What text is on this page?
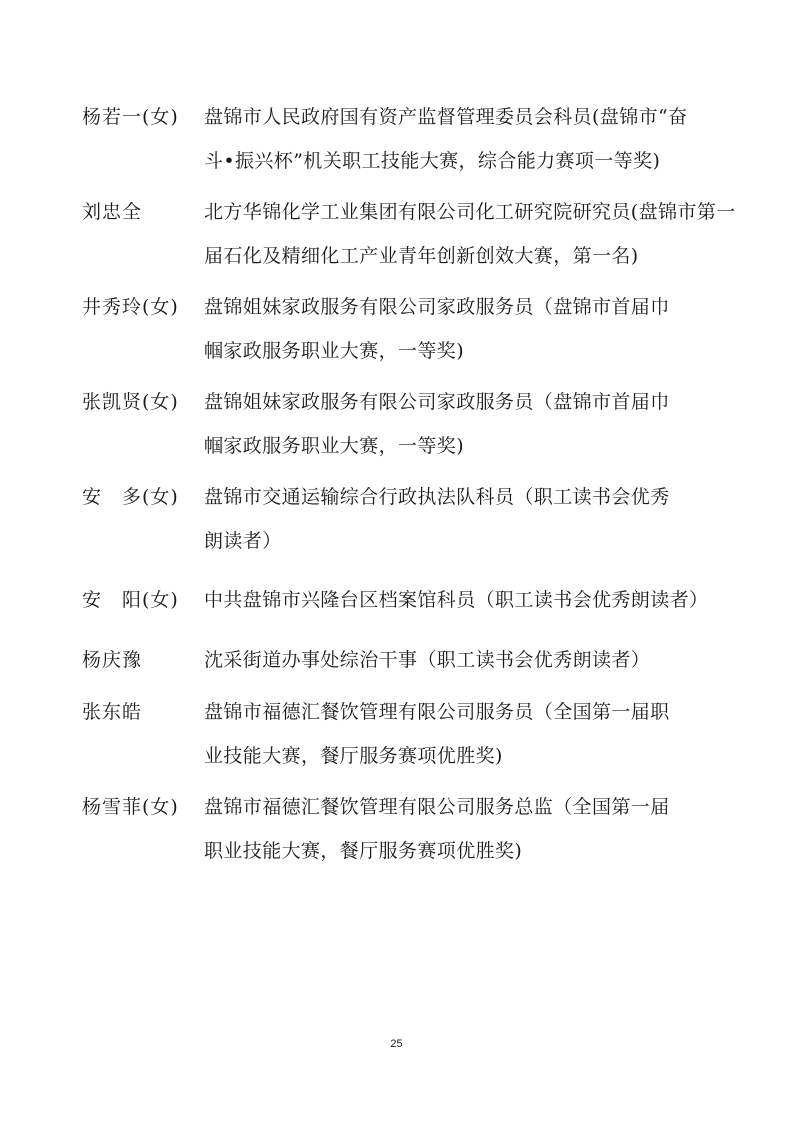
杨若一(女)	盘锦市人民政府国有资产监督管理委员会科员(盘锦市“奋
斗•振兴杯”机关职工技能大赛，综合能力赛项一等奖)
刘忠全	北方华锦化学工业集团有限公司化工研究院研究员(盘锦市第一
届石化及精细化工产业青年创新创效大赛，第一名)
井秀玲(女)	盘锦姐妹家政服务有限公司家政服务员（盘锦市首届巾
帼家政服务职业大赛，一等奖)
张凯贤(女)	盘锦姐妹家政服务有限公司家政服务员（盘锦市首届巾
帼家政服务职业大赛，一等奖)
安　多(女)	盘锦市交通运输综合行政执法队科员（职工读书会优秀
朗读者）
安　阳(女)	中共盘锦市兴隆台区档案馆科员（职工读书会优秀朗读者）
杨庆豫	沈采街道办事处综治干事（职工读书会优秀朗读者）
张东皓	盘锦市福德汇餐饮管理有限公司服务员（全国第一届职
业技能大赛，餐厅服务赛项优胜奖)
杨雪菲(女)	盘锦市福德汇餐饮管理有限公司服务总监（全国第一届
职业技能大赛，餐厅服务赛项优胜奖)
25
